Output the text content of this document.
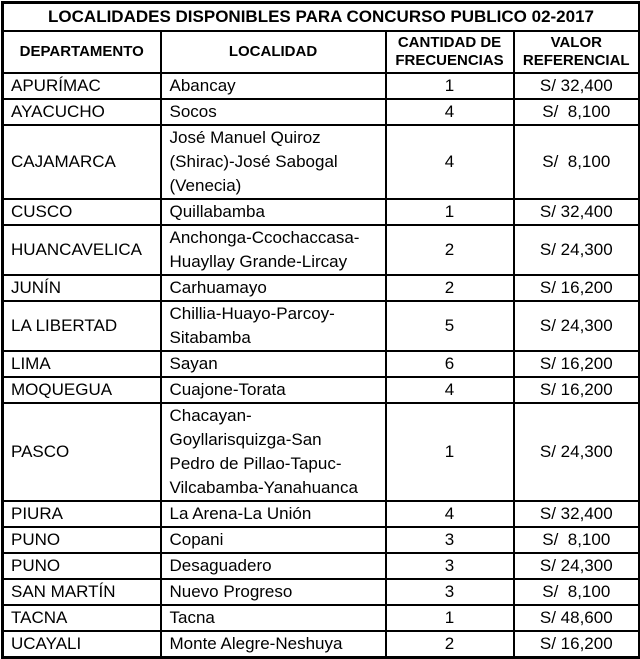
LOCALIDADES DISPONIBLES PARA CONCURSO PUBLICO 02-2017			
DEPARTAMENTO	LOCALIDAD	CANTIDAD DE FRECUENCIAS	VALOR REFERENCIAL
APURÍMAC	Abancay	1	S/ 32,400
AYACUCHO	Socos	4	S/  8,100
CAJAMARCA	José Manuel Quiroz (Shirac)-José Sabogal (Venecia)	4	S/  8,100
CUSCO	Quillabamba	1	S/ 32,400
HUANCAVELICA	Anchonga-Ccochaccasa-Huayllay Grande-Lircay	2	S/ 24,300
JUNÍN	Carhuamayo	2	S/ 16,200
LA LIBERTAD	Chillia-Huayo-Parcoy-Sitabamba	5	S/ 24,300
LIMA	Sayan	6	S/ 16,200
MOQUEGUA	Cuajone-Torata	4	S/ 16,200
PASCO	Chacayan-Goyllarisquizga-San Pedro de Pillao-Tapuc-Vilcabamba-Yanahuanca	1	S/ 24,300
PIURA	La Arena-La Unión	4	S/ 32,400
PUNO	Copani	3	S/  8,100
PUNO	Desaguadero	3	S/ 24,300
SAN MARTÍN	Nuevo Progreso	3	S/  8,100
TACNA	Tacna	1	S/ 48,600
UCAYALI	Monte Alegre-Neshuya	2	S/ 16,200
